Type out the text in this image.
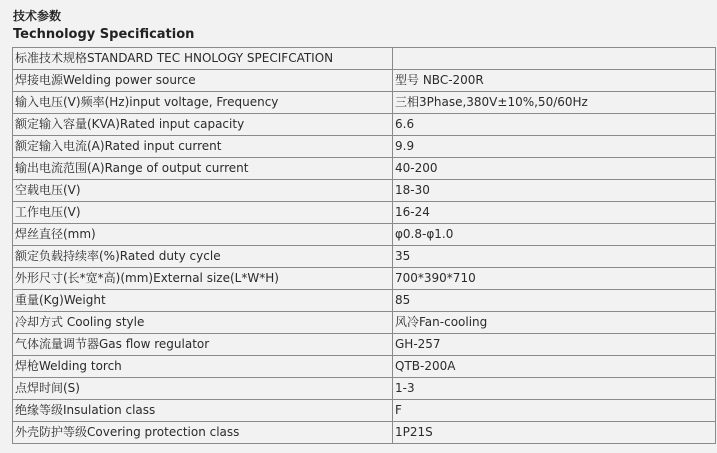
技术参数
Technology Specification
标准技术规格STANDARD TEC HNOLOGY SPECIFCATION	
焊接电源Welding power source	型号 NBC-200R
输入电压(V)频率(Hz)input voltage, Frequency	三相3Phase,380V±10%,50/60Hz
额定输入容量(KVA)Rated input capacity	6.6
额定输入电流(A)Rated input current	9.9
输出电流范围(A)Range of output current	40-200
空载电压(V)	18-30
工作电压(V)	16-24
焊丝直径(mm)	φ0.8-φ1.0
额定负载持续率(%)Rated duty cycle	35
外形尺寸(长*宽*高)(mm)External size(L*W*H)	700*390*710
重量(Kg)Weight	85
冷却方式 Cooling style	风冷Fan-cooling
气体流量调节器Gas flow regulator	GH-257
焊枪Welding torch	QTB-200A
点焊时间(S)	1-3
绝缘等级Insulation class	F
外壳防护等级Covering protection class	1P21S
